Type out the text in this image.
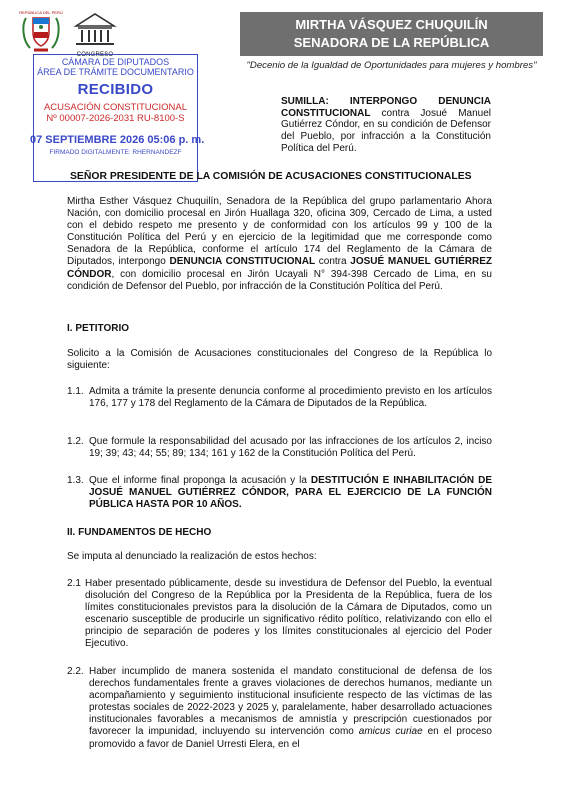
REPÚBLICA DEL PERÚ
CONGRESO
MIRTHA VÁSQUEZ CHUQUILÍN
SENADORA DE LA REPÚBLICA
"Decenio de la Igualdad de Oportunidades para mujeres y hombres"
CÁMARA DE DIPUTADOS
ÁREA DE TRÁMITE DOCUMENTARIO
RECIBIDO
ACUSACIÓN CONSTITUCIONAL
Nº 00007-2026-2031 RU-8100-S
07 SEPTIEMBRE 2026 05:06 p. m.
FIRMADO DIGITALMENTE: RHERNANDEZF
SUMILLA: INTERPONGO DENUNCIA CONSTITUCIONAL contra Josué Manuel Gutiérrez Cóndor, en su condición de Defensor del Pueblo, por infracción a la Constitución Política del Perú.
SEÑOR PRESIDENTE DE LA COMISIÓN DE ACUSACIONES CONSTITUCIONALES
Mirtha Esther Vásquez Chuquilín, Senadora de la República del grupo parlamentario Ahora Nación, con domicilio procesal en Jirón Huallaga 320, oficina 309, Cercado de Lima, a usted con el debido respeto me presento y de conformidad con los artículos 99 y 100 de la Constitución Política del Perú y en ejercicio de la legitimidad que me corresponde como Senadora de la República, conforme el artículo 174 del Reglamento de la Cámara de Diputados, interpongo DENUNCIA CONSTITUCIONAL contra JOSUÉ MANUEL GUTIÉRREZ CÓNDOR, con domicilio procesal en Jirón Ucayali N° 394-398 Cercado de Lima, en su condición de Defensor del Pueblo, por infracción de la Constitución Política del Perú.
I. PETITORIO
Solicito a la Comisión de Acusaciones constitucionales del Congreso de la República lo siguiente:
1.1. Admita a trámite la presente denuncia conforme al procedimiento previsto en los artículos 176, 177 y 178 del Reglamento de la Cámara de Diputados de la República.
1.2. Que formule la responsabilidad del acusado por las infracciones de los artículos 2, inciso 19; 39; 43; 44; 55; 89; 134; 161 y 162 de la Constitución Política del Perú.
1.3. Que el informe final proponga la acusación y la DESTITUCIÓN E INHABILITACIÓN DE JOSUÉ MANUEL GUTIÉRREZ CÓNDOR, PARA EL EJERCICIO DE LA FUNCIÓN PÚBLICA HASTA POR 10 AÑOS.
II. FUNDAMENTOS DE HECHO
Se imputa al denunciado la realización de estos hechos:
2.1 Haber presentado públicamente, desde su investidura de Defensor del Pueblo, la eventual disolución del Congreso de la República por la Presidenta de la República, fuera de los límites constitucionales previstos para la disolución de la Cámara de Diputados, como un escenario susceptible de producirle un significativo rédito político, relativizando con ello el principio de separación de poderes y los límites constitucionales al ejercicio del Poder Ejecutivo.
2.2. Haber incumplido de manera sostenida el mandato constitucional de defensa de los derechos fundamentales frente a graves violaciones de derechos humanos, mediante un acompañamiento y seguimiento institucional insuficiente respecto de las víctimas de las protestas sociales de 2022-2023 y 2025 y, paralelamente, haber desarrollado actuaciones institucionales favorables a mecanismos de amnistía y prescripción cuestionados por favorecer la impunidad, incluyendo su intervención como amicus curiae en el proceso promovido a favor de Daniel Urresti Elera, en el
